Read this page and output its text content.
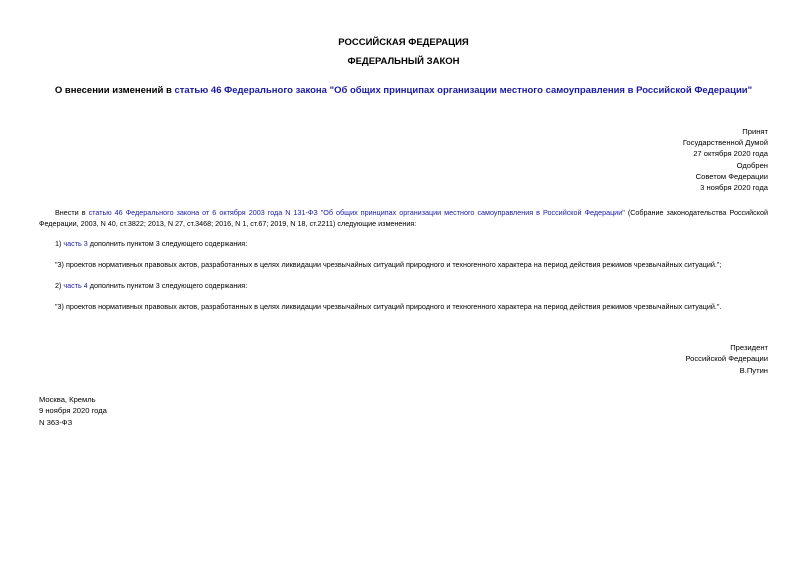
РОССИЙСКАЯ ФЕДЕРАЦИЯ
ФЕДЕРАЛЬНЫЙ ЗАКОН
О внесении изменений в статью 46 Федерального закона "Об общих принципах организации местного самоуправления в Российской Федерации"
Принят
Государственной Думой
27 октября 2020 года
Одобрен
Советом Федерации
3 ноября 2020 года
Внести в статью 46 Федерального закона от 6 октября 2003 года N 131-ФЗ "Об общих принципах организации местного самоуправления в Российской Федерации" (Собрание законодательства Российской Федерации, 2003, N 40, ст.3822; 2013, N 27, ст.3468; 2016, N 1, ст.67; 2019, N 18, ст.2211) следующие изменения:
1) часть 3 дополнить пунктом 3 следующего содержания:
"3) проектов нормативных правовых актов, разработанных в целях ликвидации чрезвычайных ситуаций природного и техногенного характера на период действия режимов чрезвычайных ситуаций.";
2) часть 4 дополнить пунктом 3 следующего содержания:
"3) проектов нормативных правовых актов, разработанных в целях ликвидации чрезвычайных ситуаций природного и техногенного характера на период действия режимов чрезвычайных ситуаций.".
Президент
Российской Федерации
В.Путин
Москва, Кремль
9 ноября 2020 года
N 363-ФЗ
